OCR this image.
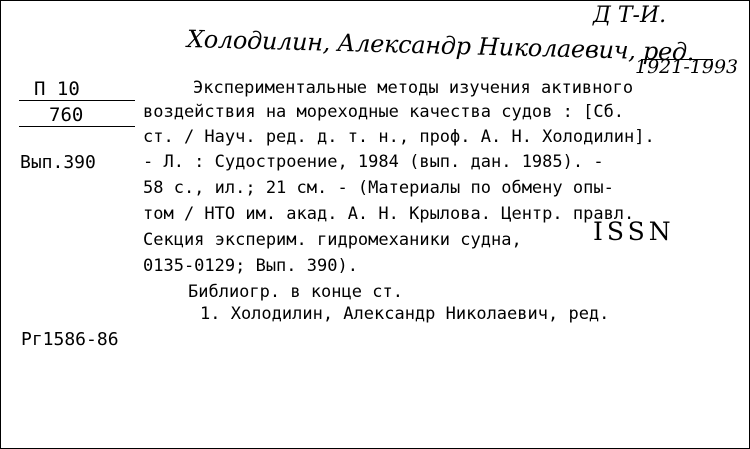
Д Т-И.
Холодилин, Александр Николаевич, ред.
1921-1993
П 10
760
Вып.390
Рг1586-86
Экспериментальные методы изучения активного
воздействия на мореходные качества судов : [Сб.
ст. / Науч. ред. д. т. н., проф. А. Н. Холодилин].
- Л. : Судостроение, 1984 (вып. дан. 1985). -
58 с., ил.; 21 см. - (Материалы по обмену опы-
том / НТО им. акад. А. Н. Крылова. Центр. правл.
Секция эксперим. гидромеханики судна,
0135-0129; Вып. 390).
Библиогр. в конце ст.
1. Холодилин, Александр Николаевич, ред.
ISSN
